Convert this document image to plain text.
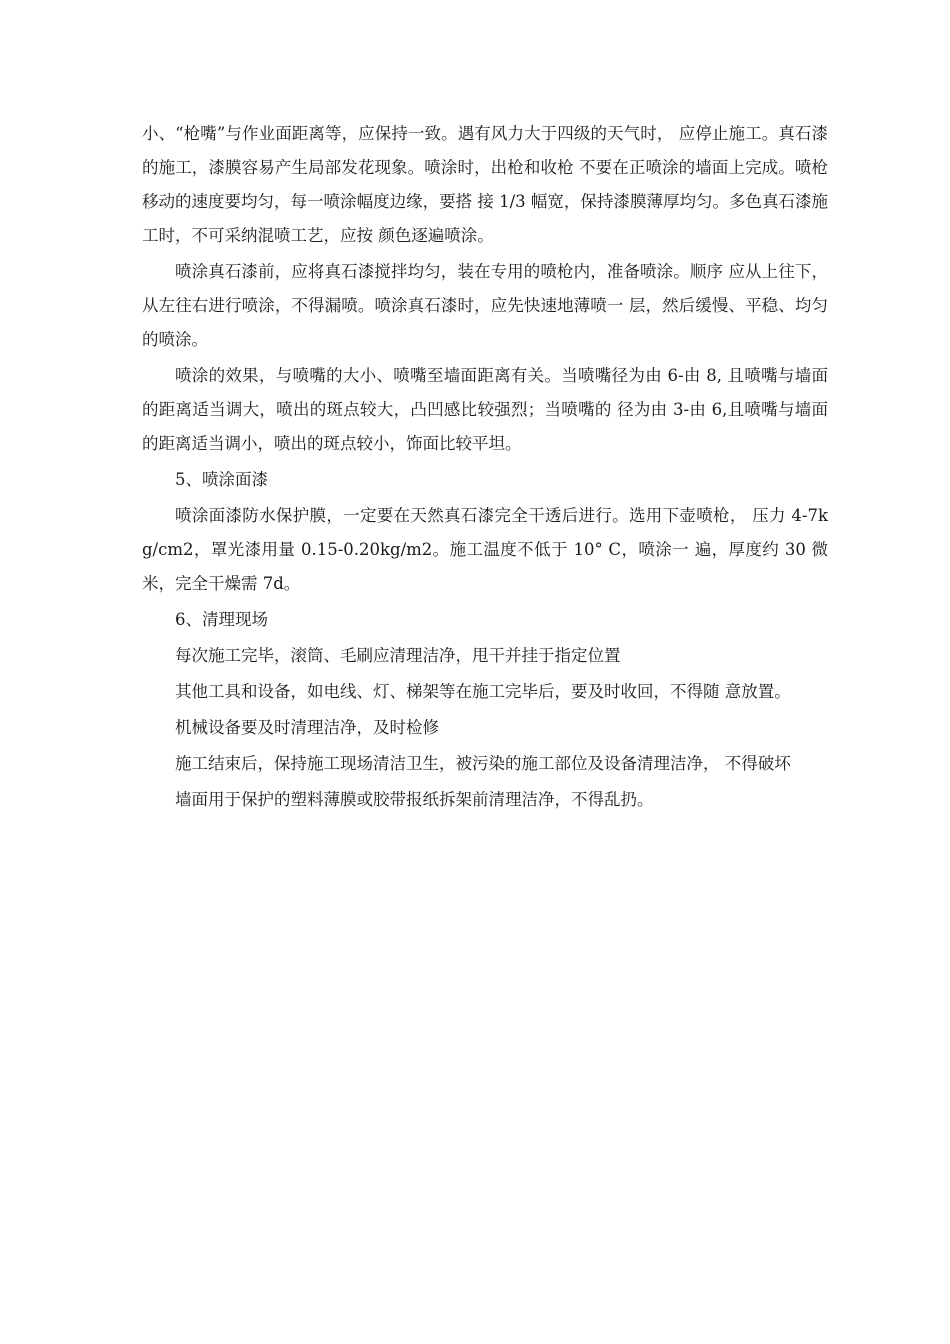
小、“枪嘴”与作业面距离等，应保持一致。遇有风力大于四级的天气时， 应停止施工。真石漆的施工，漆膜容易产生局部发花现象。喷涂时，出枪和收枪 不要在正喷涂的墙面上完成。喷枪移动的速度要均匀，每一喷涂幅度边缘，要搭 接 1/3 幅宽，保持漆膜薄厚均匀。多色真石漆施工时，不可采纳混喷工艺，应按 颜色逐遍喷涂。

喷涂真石漆前，应将真石漆搅拌均匀，装在专用的喷枪内，准备喷涂。顺序 应从上往下，从左往右进行喷涂，不得漏喷。喷涂真石漆时，应先快速地薄喷一 层，然后缓慢、平稳、均匀的喷涂。

喷涂的效果，与喷嘴的大小、喷嘴至墙面距离有关。当喷嘴径为由 6-由 8, 且喷嘴与墙面的距离适当调大，喷出的斑点较大，凸凹感比较强烈；当喷嘴的 径为由 3-由 6,且喷嘴与墙面的距离适当调小，喷出的斑点较小，饰面比较平坦。

5、喷涂面漆

喷涂面漆防水保护膜，一定要在天然真石漆完全干透后进行。选用下壶喷枪， 压力 4-7kg/cm2，罩光漆用量 0.15-0.20kg/m2。施工温度不低于 10° C，喷涂一 遍，厚度约 30 微米，完全干燥需 7d。

6、清理现场

每次施工完毕，滚筒、毛刷应清理洁净，甩干并挂于指定位置

其他工具和设备，如电线、灯、梯架等在施工完毕后，要及时收回，不得随 意放置。

机械设备要及时清理洁净，及时检修

施工结束后，保持施工现场清洁卫生，被污染的施工部位及设备清理洁净， 不得破坏

墙面用于保护的塑料薄膜或胶带报纸拆架前清理洁净，不得乱扔。
